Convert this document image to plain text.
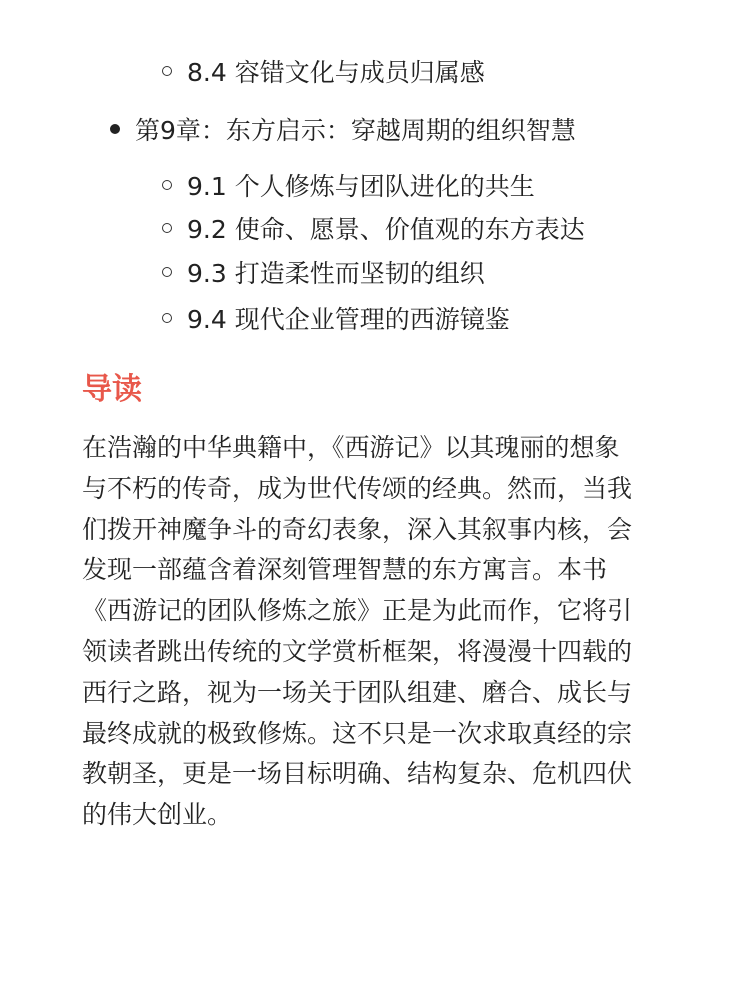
8.4 容错文化与成员归属感
第9章：东方启示：穿越周期的组织智慧
9.1 个人修炼与团队进化的共生
9.2 使命、愿景、价值观的东方表达
9.3 打造柔性而坚韧的组织
9.4 现代企业管理的西游镜鉴
导读

在浩瀚的中华典籍中，《西游记》以其瑰丽的想象
与不朽的传奇，成为世代传颂的经典。然而，当我
们拨开神魔争斗的奇幻表象，深入其叙事内核，会
发现一部蕴含着深刻管理智慧的东方寓言。本书
《西游记的团队修炼之旅》正是为此而作，它将引
领读者跳出传统的文学赏析框架，将漫漫十四载的
西行之路，视为一场关于团队组建、磨合、成长与
最终成就的极致修炼。这不只是一次求取真经的宗
教朝圣，更是一场目标明确、结构复杂、危机四伏
的伟大创业。
